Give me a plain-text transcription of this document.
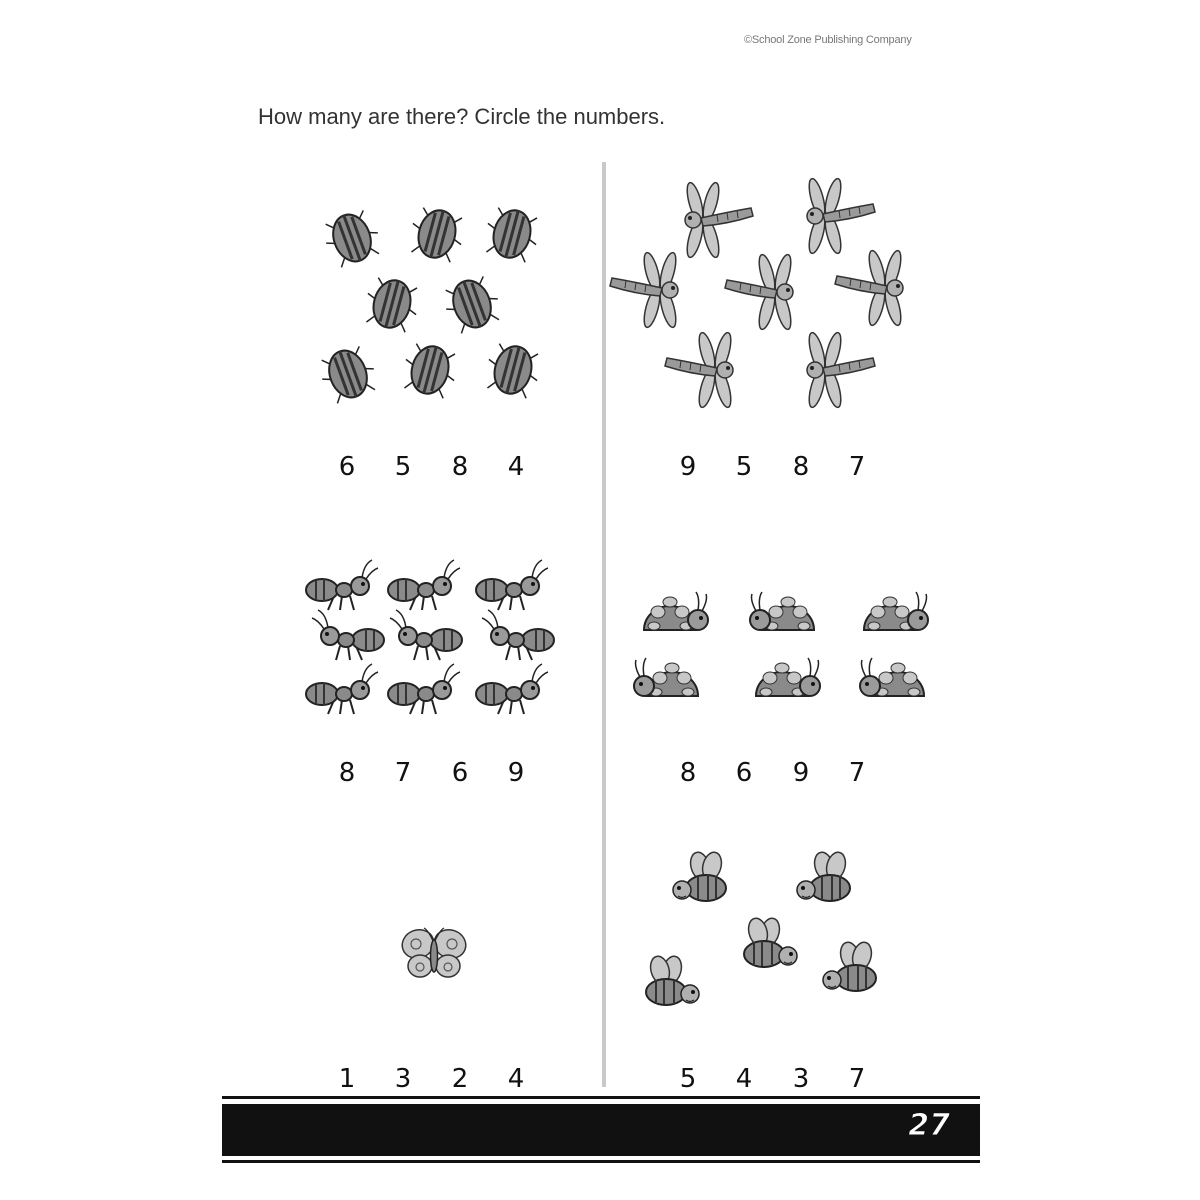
©School Zone Publishing Company
How many are there? Circle the numbers.
6 5 8 4	9 5 8 7
8 7 6 9	8 6 9 7
1 3 2 4	5 4 3 7
27
